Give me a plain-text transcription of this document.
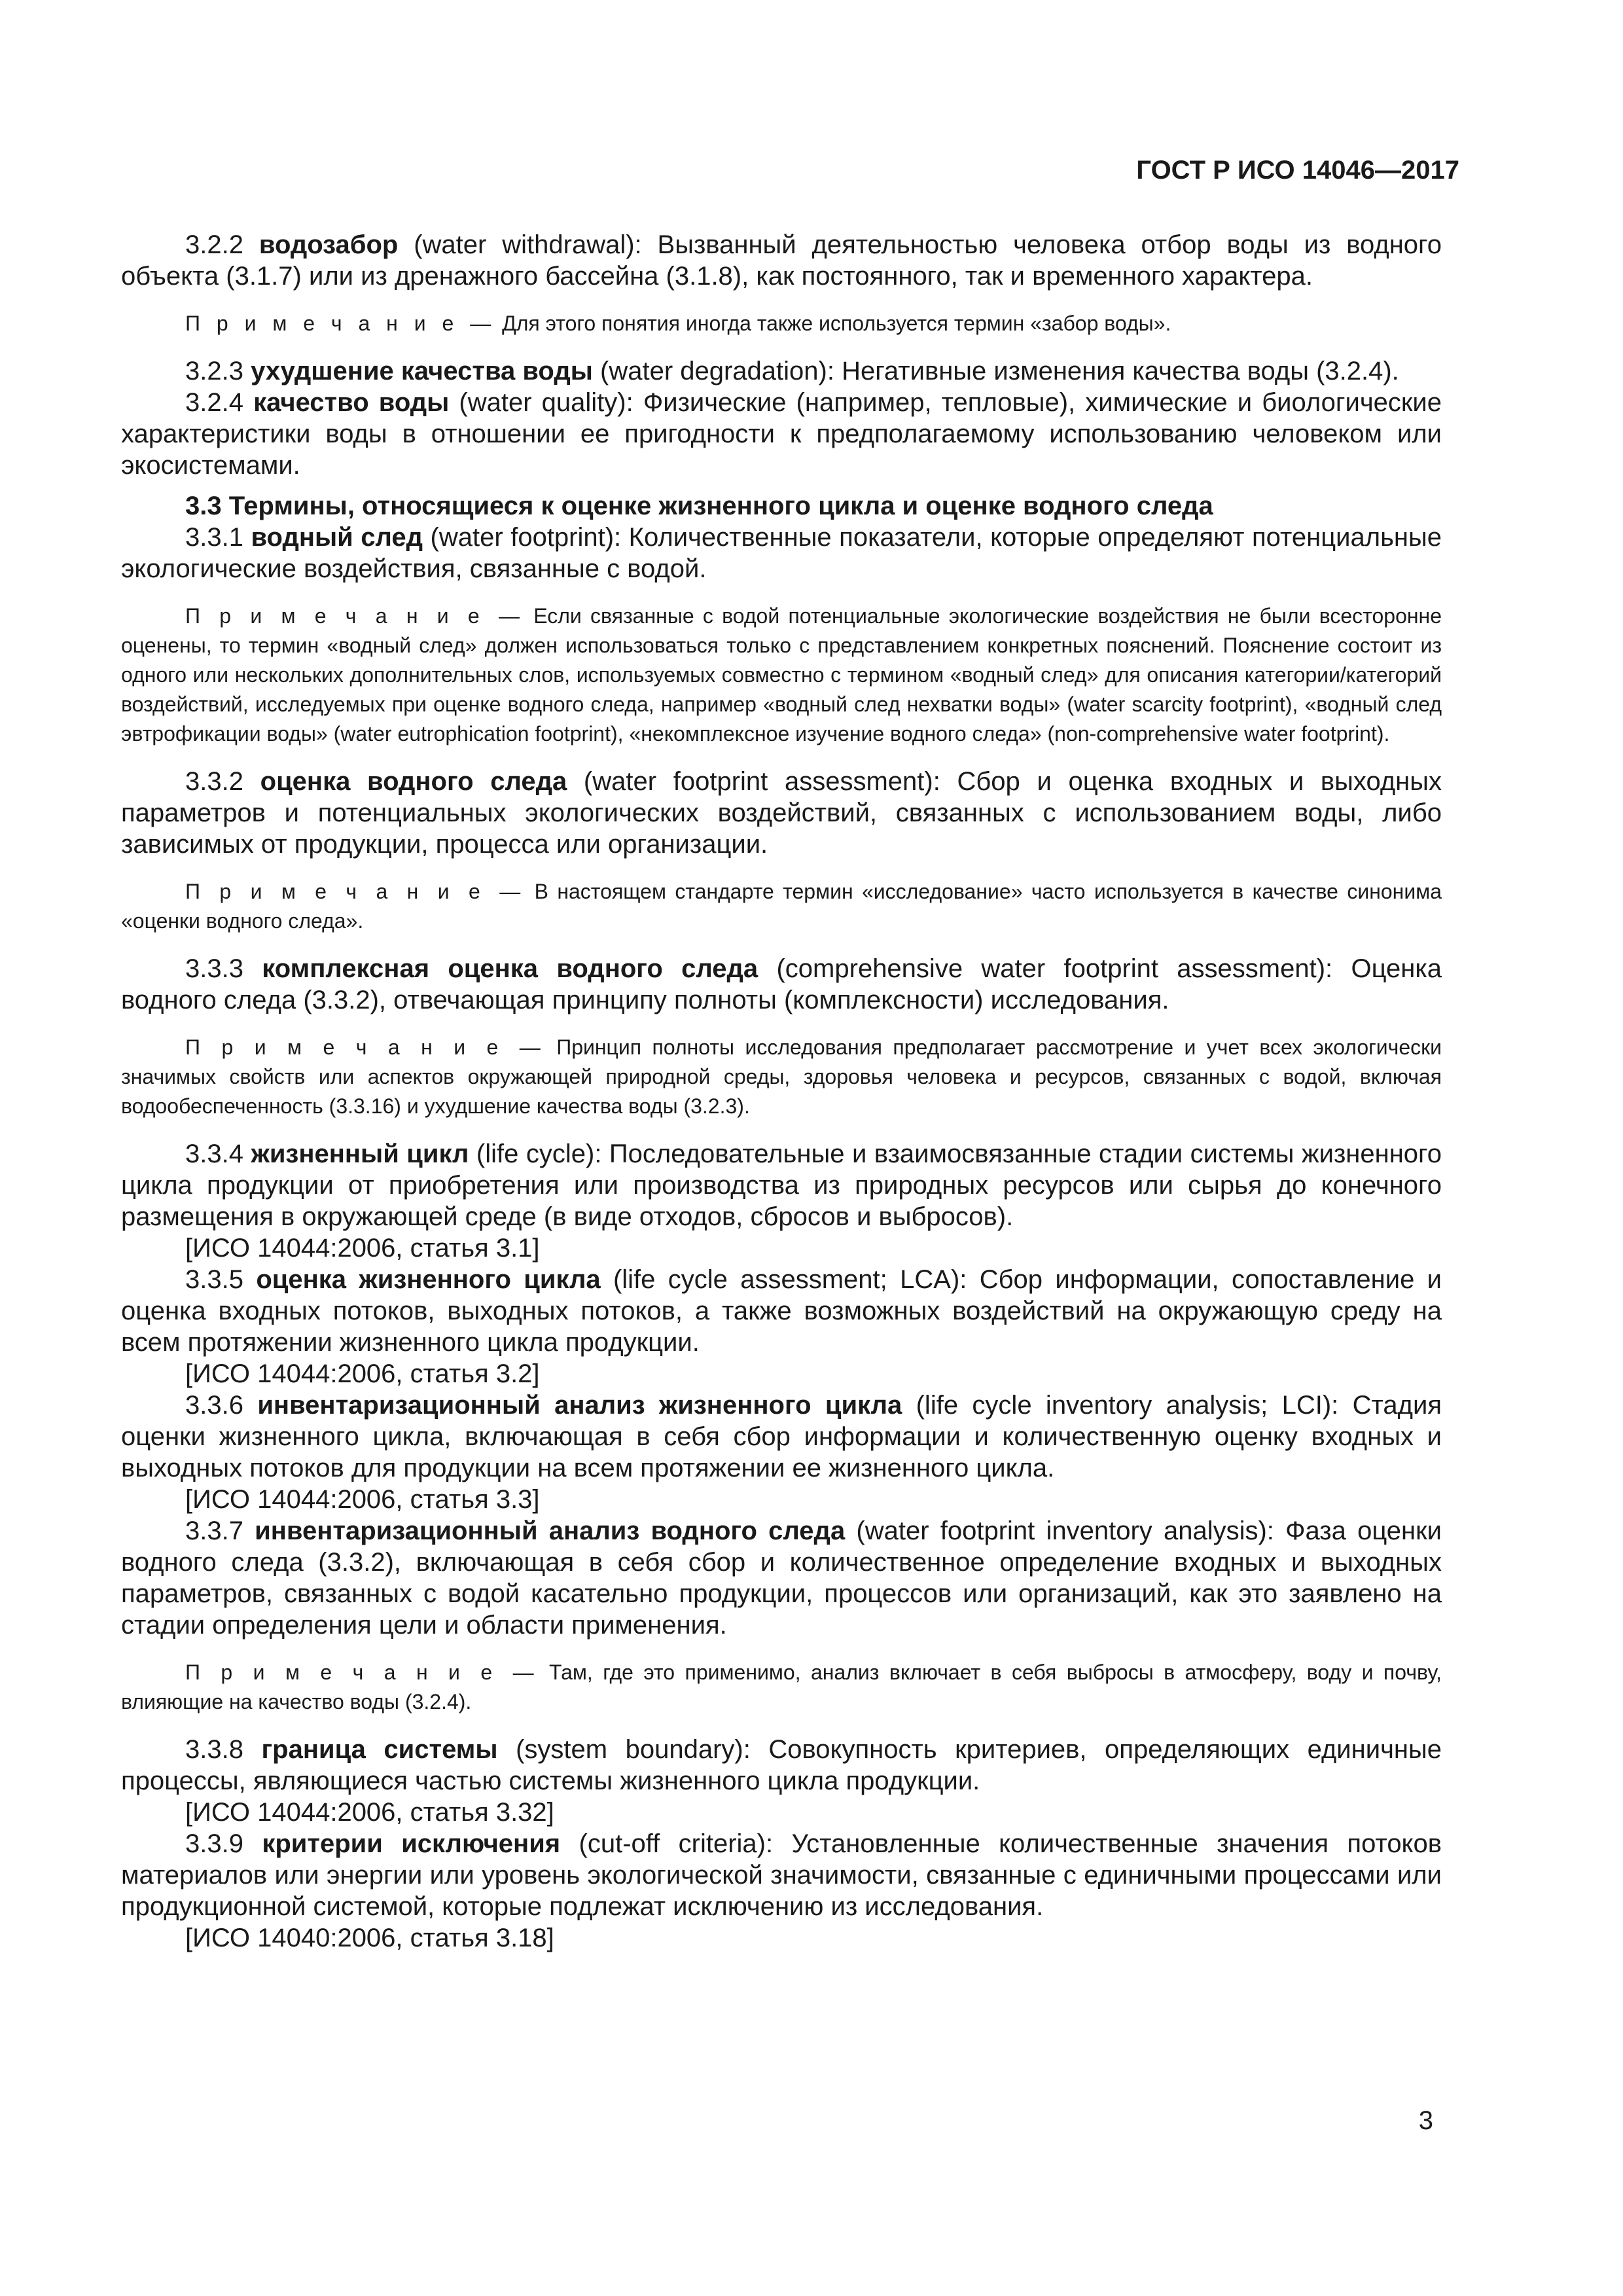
ГОСТ Р ИСО 14046—2017

3.2.2 водозабор (water withdrawal): Вызванный деятельностью человека отбор воды из водного объекта (3.1.7) или из дренажного бассейна (3.1.8), как постоянного, так и временного характера.

П р и м е ч а н и е — Для этого понятия иногда также используется термин «забор воды».

3.2.3 ухудшение качества воды (water degradation): Негативные изменения качества воды (3.2.4).

3.2.4 качество воды (water quality): Физические (например, тепловые), химические и биологические характеристики воды в отношении ее пригодности к предполагаемому использованию человеком или экосистемами.

3.3 Термины, относящиеся к оценке жизненного цикла и оценке водного следа

3.3.1 водный след (water footprint): Количественные показатели, которые определяют потенциальные экологические воздействия, связанные с водой.

П р и м е ч а н и е — Если связанные с водой потенциальные экологические воздействия не были всесторонне оценены, то термин «водный след» должен использоваться только с представлением конкретных пояснений. Пояснение состоит из одного или нескольких дополнительных слов, используемых совместно с термином «водный след» для описания категории/категорий воздействий, исследуемых при оценке водного следа, например «водный след нехватки воды» (water scarcity footprint), «водный след эвтрофикации воды» (water eutrophication footprint), «некомплексное изучение водного следа» (non-comprehensive water footprint).

3.3.2 оценка водного следа (water footprint assessment): Сбор и оценка входных и выходных параметров и потенциальных экологических воздействий, связанных с использованием воды, либо зависимых от продукции, процесса или организации.

П р и м е ч а н и е — В настоящем стандарте термин «исследование» часто используется в качестве синонима «оценки водного следа».

3.3.3 комплексная оценка водного следа (comprehensive water footprint assessment): Оценка водного следа (3.3.2), отвечающая принципу полноты (комплексности) исследования.

П р и м е ч а н и е — Принцип полноты исследования предполагает рассмотрение и учет всех экологически значимых свойств или аспектов окружающей природной среды, здоровья человека и ресурсов, связанных с водой, включая водообеспеченность (3.3.16) и ухудшение качества воды (3.2.3).

3.3.4 жизненный цикл (life cycle): Последовательные и взаимосвязанные стадии системы жизненного цикла продукции от приобретения или производства из природных ресурсов или сырья до конечного размещения в окружающей среде (в виде отходов, сбросов и выбросов).

[ИСО 14044:2006, статья 3.1]

3.3.5 оценка жизненного цикла (life cycle assessment; LCA): Сбор информации, сопоставление и оценка входных потоков, выходных потоков, а также возможных воздействий на окружающую среду на всем протяжении жизненного цикла продукции.

[ИСО 14044:2006, статья 3.2]

3.3.6 инвентаризационный анализ жизненного цикла (life cycle inventory analysis; LCI): Стадия оценки жизненного цикла, включающая в себя сбор информации и количественную оценку входных и выходных потоков для продукции на всем протяжении ее жизненного цикла.

[ИСО 14044:2006, статья 3.3]

3.3.7 инвентаризационный анализ водного следа (water footprint inventory analysis): Фаза оценки водного следа (3.3.2), включающая в себя сбор и количественное определение входных и выходных параметров, связанных с водой касательно продукции, процессов или организаций, как это заявлено на стадии определения цели и области применения.

П р и м е ч а н и е — Там, где это применимо, анализ включает в себя выбросы в атмосферу, воду и почву, влияющие на качество воды (3.2.4).

3.3.8 граница системы (system boundary): Совокупность критериев, определяющих единичные процессы, являющиеся частью системы жизненного цикла продукции.

[ИСО 14044:2006, статья 3.32]

3.3.9 критерии исключения (cut-off criteria): Установленные количественные значения потоков материалов или энергии или уровень экологической значимости, связанные с единичными процессами или продукционной системой, которые подлежат исключению из исследования.

[ИСО 14040:2006, статья 3.18]

3
